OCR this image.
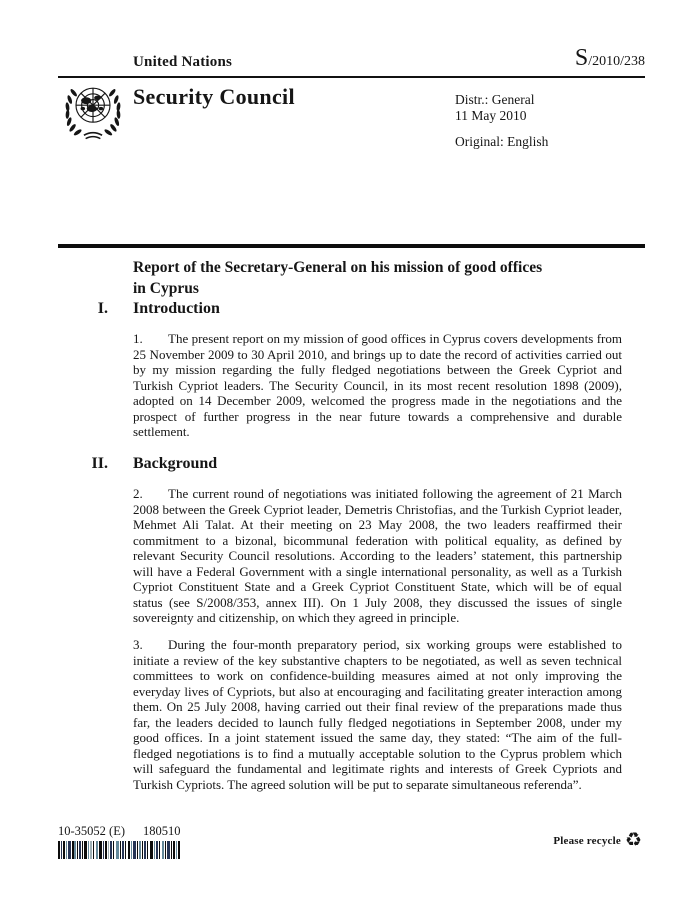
United Nations	S /2010/238
Security Council	Distr.: General
11 May 2010
Original: English
Report of the Secretary-General on his mission of good offices in Cyprus
I. Introduction

1. The present report on my mission of good offices in Cyprus covers developments from 25 November 2009 to 30 April 2010, and brings up to date the record of activities carried out by my mission regarding the fully fledged negotiations between the Greek Cypriot and Turkish Cypriot leaders. The Security Council, in its most recent resolution 1898 (2009), adopted on 14 December 2009, welcomed the progress made in the negotiations and the prospect of further progress in the near future towards a comprehensive and durable settlement.

II. Background

2. The current round of negotiations was initiated following the agreement of 21 March 2008 between the Greek Cypriot leader, Demetris Christofias, and the Turkish Cypriot leader, Mehmet Ali Talat. At their meeting on 23 May 2008, the two leaders reaffirmed their commitment to a bizonal, bicommunal federation with political equality, as defined by relevant Security Council resolutions. According to the leaders’ statement, this partnership will have a Federal Government with a single international personality, as well as a Turkish Cypriot Constituent State and a Greek Cypriot Constituent State, which will be of equal status (see S/2008/353, annex III). On 1 July 2008, they discussed the issues of single sovereignty and citizenship, on which they agreed in principle.

3. During the four-month preparatory period, six working groups were established to initiate a review of the key substantive chapters to be negotiated, as well as seven technical committees to work on confidence-building measures aimed at not only improving the everyday lives of Cypriots, but also at encouraging and facilitating greater interaction among them. On 25 July 2008, having carried out their final review of the preparations made thus far, the leaders decided to launch fully fledged negotiations in September 2008, under my good offices. In a joint statement issued the same day, they stated: “The aim of the full-fledged negotiations is to find a mutually acceptable solution to the Cyprus problem which will safeguard the fundamental and legitimate rights and interests of Greek Cypriots and Turkish Cypriots. The agreed solution will be put to separate simultaneous referenda”.

10-35052 (E) 180510
Please recycle ♻
